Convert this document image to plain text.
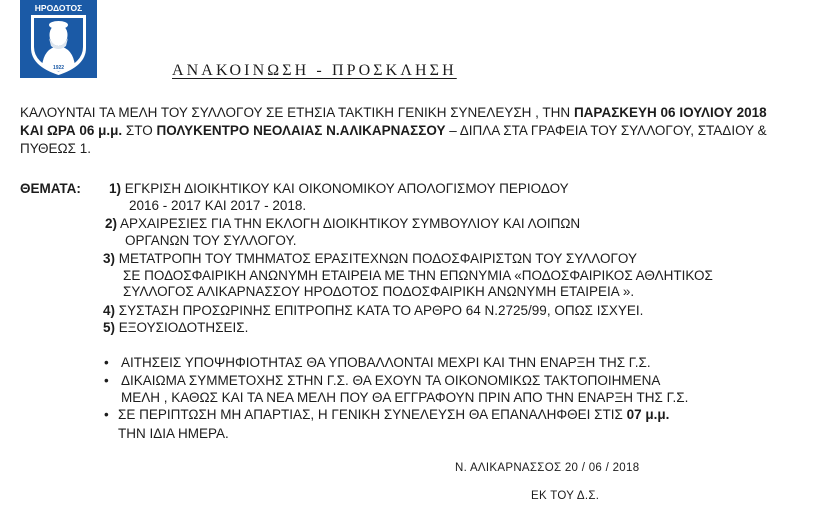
ΗΡΟΔΟΤΟΣ
1922	ΑΝΑΚΟΙΝΩΣΗ - ΠΡΟΣΚΛΗΣΗ
ΚΑΛΟΥΝΤΑΙ ΤΑ ΜΕΛΗ ΤΟΥ ΣΥΛΛΟΓΟΥ ΣΕ ΕΤΗΣΙΑ ΤΑΚΤΙΚΗ ΓΕΝΙΚΗ ΣΥΝΕΛΕΥΣΗ , ΤΗΝ ΠΑΡΑΣΚΕΥΗ 06 ΙΟΥΛΙΟΥ 2018 ΚΑΙ ΩΡΑ 06 μ.μ. ΣΤΟ ΠΟΛΥΚΕΝΤΡΟ ΝΕΟΛΑΙΑΣ Ν.ΑΛΙΚΑΡΝΑΣΣΟΥ – ΔΙΠΛΑ ΣΤΑ ΓΡΑΦΕΙΑ ΤΟΥ ΣΥΛΛΟΓΟΥ, ΣΤΑΔΙΟΥ & ΠΥΘΕΩΣ 1.
ΘΕΜΑΤΑ: 1) ΕΓΚΡΙΣΗ ΔΙΟΙΚΗΤΙΚΟΥ ΚΑΙ ΟΙΚΟΝΟΜΙΚΟΥ ΑΠΟΛΟΓΙΣΜΟΥ ΠΕΡΙΟΔΟΥ
2016 - 2017 ΚΑΙ 2017 - 2018.
2) ΑΡΧΑΙΡΕΣΙΕΣ ΓΙΑ ΤΗΝ ΕΚΛΟΓΗ ΔΙΟΙΚΗΤΙΚΟΥ ΣΥΜΒΟΥΛΙΟΥ ΚΑΙ ΛΟΙΠΩΝ
ΟΡΓΑΝΩΝ ΤΟΥ ΣΥΛΛΟΓΟΥ.
3) ΜΕΤΑΤΡΟΠΗ ΤΟΥ ΤΜΗΜΑΤΟΣ ΕΡΑΣΙΤΕΧΝΩΝ ΠΟΔΟΣΦΑΙΡΙΣΤΩΝ ΤΟΥ ΣΥΛΛΟΓΟΥ
ΣΕ ΠΟΔΟΣΦΑΙΡΙΚΗ ΑΝΩΝΥΜΗ ΕΤΑΙΡΕΙΑ ΜΕ ΤΗΝ ΕΠΩΝΥΜΙΑ «ΠΟΔΟΣΦΑΙΡΙΚΟΣ ΑΘΛΗΤΙΚΟΣ
ΣΥΛΛΟΓΟΣ ΑΛΙΚΑΡΝΑΣΣΟΥ ΗΡΟΔΟΤΟΣ ΠΟΔΟΣΦΑΙΡΙΚΗ ΑΝΩΝΥΜΗ ΕΤΑΙΡΕΙΑ ».
4) ΣΥΣΤΑΣΗ ΠΡΟΣΩΡΙΝΗΣ ΕΠΙΤΡΟΠΗΣ ΚΑΤΑ ΤΟ ΑΡΘΡΟ 64 Ν.2725/99, ΟΠΩΣ ΙΣΧΥΕΙ.
5) ΕΞΟΥΣΙΟΔΟΤΗΣΕΙΣ.
• ΑΙΤΗΣΕΙΣ ΥΠΟΨΗΦΙΟΤΗΤΑΣ ΘΑ ΥΠΟΒΑΛΛΟΝΤΑΙ ΜΕΧΡΙ ΚΑΙ ΤΗΝ ΕΝΑΡΞΗ ΤΗΣ Γ.Σ.
• ΔΙΚΑΙΩΜΑ ΣΥΜΜΕΤΟΧΗΣ ΣΤΗΝ Γ.Σ. ΘΑ ΕΧΟΥΝ ΤΑ ΟΙΚΟΝΟΜΙΚΩΣ ΤΑΚΤΟΠΟΙΗΜΕΝΑ
ΜΕΛΗ , ΚΑΘΩΣ ΚΑΙ ΤΑ ΝΕΑ ΜΕΛΗ ΠΟΥ ΘΑ ΕΓΓΡΑΦΟΥΝ ΠΡΙΝ ΑΠΟ ΤΗΝ ΕΝΑΡΞΗ ΤΗΣ Γ.Σ.
• ΣΕ ΠΕΡΙΠΤΩΣΗ ΜΗ ΑΠΑΡΤΙΑΣ, Η ΓΕΝΙΚΗ ΣΥΝΕΛΕΥΣΗ ΘΑ ΕΠΑΝΑΛΗΦΘΕΙ ΣΤΙΣ 07 μ.μ.
ΤΗΝ ΙΔΙΑ ΗΜΕΡΑ.
Ν. ΑΛΙΚΑΡΝΑΣΣΟΣ 20 / 06 / 2018
ΕΚ ΤΟΥ Δ.Σ.
